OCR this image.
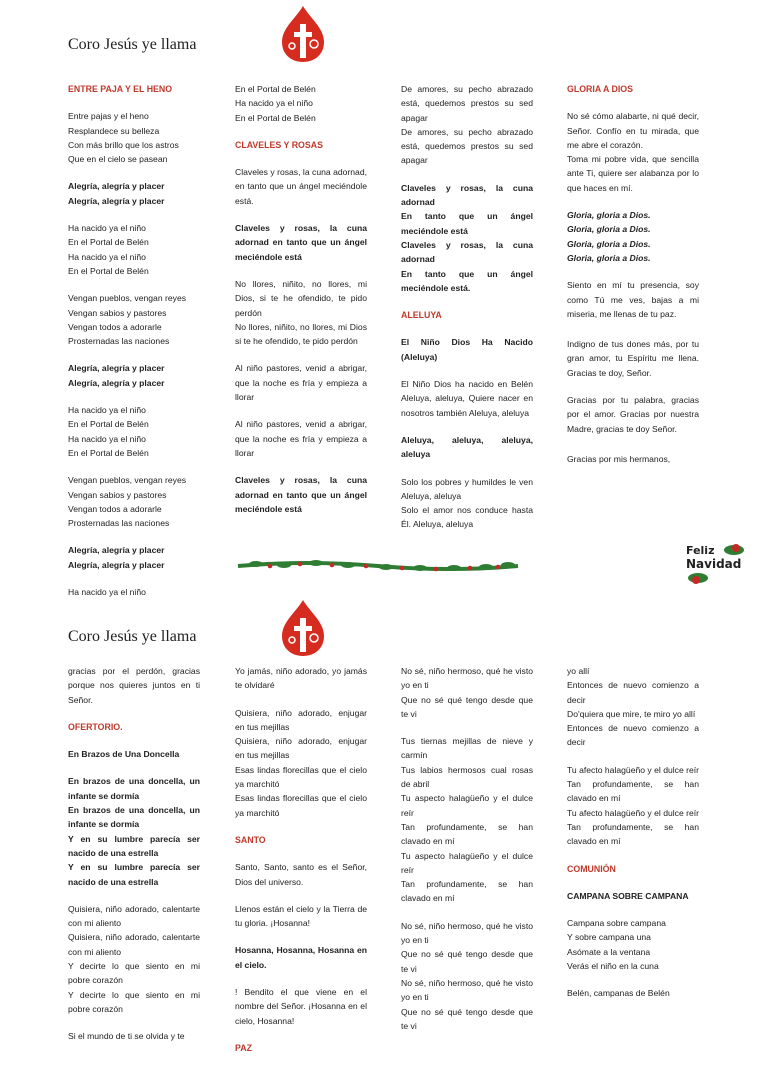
Coro Jesús ye llama
ENTRE PAJA Y EL HENO

Entre pajas y el heno
Resplandece su belleza
Con más brillo que los astros
Que en el cielo se pasean

Alegría, alegría y placer
Alegría, alegría y placer

Ha nacido ya el niño
En el Portal de Belén
Ha nacido ya el niño
En el Portal de Belén

Vengan pueblos, vengan reyes
Vengan sabios y pastores
Vengan todos a adorarle
Prosternadas las naciones

Alegría, alegría y placer
Alegría, alegría y placer

Ha nacido ya el niño
En el Portal de Belén
Ha nacido ya el niño
En el Portal de Belén

Vengan pueblos, vengan reyes
Vengan sabios y pastores
Vengan todos a adorarle
Prosternadas las naciones

Alegría, alegría y placer
Alegría, alegría y placer

Ha nacido ya el niño

En el Portal de Belén
Ha nacido ya el niño
En el Portal de Belén

CLAVELES Y ROSAS

Claveles y rosas, la cuna adornad, en tanto que un ángel meciéndole está.

Claveles y rosas, la cuna adornad en tanto que un ángel meciéndole está

No llores, niñito, no llores, mi Dios, si te he ofendido, te pido perdón
No llores, niñito, no llores, mi Dios si te he ofendido, te pido perdón

Al niño pastores, venid a abrigar, que la noche es fría y empieza a llorar

Al niño pastores, venid a abrigar, que la noche es fría y empieza a llorar

Claveles y rosas, la cuna adornad en tanto que un ángel meciéndole está

De amores, su pecho abrazado está, quedemos prestos su sed apagar
De amores, su pecho abrazado está, quedemos prestos su sed apagar

Claveles y rosas, la cuna adornad
En tanto que un ángel meciéndole está
Claveles y rosas, la cuna adornad
En tanto que un ángel meciéndole está.

ALELUYA

El Niño Dios Ha Nacido (Aleluya)

El Niño Dios ha nacido en Belén Aleluya, aleluya, Quiere nacer en nosotros también Aleluya, aleluya

Aleluya, aleluya, aleluya, aleluya

Solo los pobres y humildes le ven Aleluya, aleluya
Solo el amor nos conduce hasta Él. Aleluya, aleluya

GLORIA A DIOS

No sé cómo alabarte, ni qué decir, Señor. Confío en tu mirada, que me abre el corazón.
Toma mi pobre vida, que sencilla ante Ti, quiere ser alabanza por lo que haces en mí.

Gloria, gloria a Dios.
Gloria, gloria a Dios.
Gloria, gloria a Dios.
Gloria, gloria a Dios.

Siento en mí tu presencia, soy como Tú me ves, bajas a mi miseria, me llenas de tu paz.

Indigno de tus dones más, por tu gran amor, tu Espíritu me llena. Gracias te doy, Señor.

Gracias por tu palabra, gracias por el amor. Gracias por nuestra Madre, gracias te doy Señor.

Gracias por mis hermanos,

Feliz
Navidad
Coro Jesús ye llama

gracias por el perdón, gracias porque nos quieres juntos en ti Señor.

OFERTORIO.

En Brazos de Una Doncella

En brazos de una doncella, un infante se dormía
En brazos de una doncella, un infante se dormía
Y en su lumbre parecía ser nacido de una estrella
Y en su lumbre parecía ser nacido de una estrella

Quisiera, niño adorado, calentarte con mi aliento
Quisiera, niño adorado, calentarte con mi aliento
Y decirte lo que siento en mi pobre corazón
Y decirte lo que siento en mi pobre corazón

Si el mundo de ti se olvida y te

Yo jamás, niño adorado, yo jamás te olvidaré

Quisiera, niño adorado, enjugar en tus mejillas
Quisiera, niño adorado, enjugar en tus mejillas
Esas lindas florecillas que el cielo ya marchitó
Esas lindas florecillas que el cielo ya marchitó

SANTO

Santo, Santo, santo es el Señor, Dios del universo.

Llenos están el cielo y la Tierra de tu gloria. ¡Hosanna!

Hosanna, Hosanna, Hosanna en el cielo.

! Bendito el que viene en el nombre del Señor. ¡Hosanna en el cielo, Hosanna!

PAZ

No sé, niño hermoso, qué he visto yo en ti
Que no sé qué tengo desde que te vi

Tus tiernas mejillas de nieve y carmín
Tus labios hermosos cual rosas de abril
Tu aspecto halagüeño y el dulce reír
Tan profundamente, se han clavado en mí
Tu aspecto halagüeño y el dulce reír
Tan profundamente, se han clavado en mí

No sé, niño hermoso, qué he visto yo en ti
Que no sé qué tengo desde que te vi
No sé, niño hermoso, qué he visto yo en ti
Que no sé qué tengo desde que te vi

yo allí
Entonces de nuevo comienzo a decir
Do'quiera que mire, te miro yo allí
Entonces de nuevo comienzo a decir

Tu afecto halagüeño y el dulce reír
Tan profundamente, se han clavado en mí
Tu afecto halagüeño y el dulce reír
Tan profundamente, se han clavado en mí

COMUNIÓN

CAMPANA SOBRE CAMPANA

Campana sobre campana
Y sobre campana una
Asómate a la ventana
Verás el niño en la cuna

Belén, campanas de Belén
